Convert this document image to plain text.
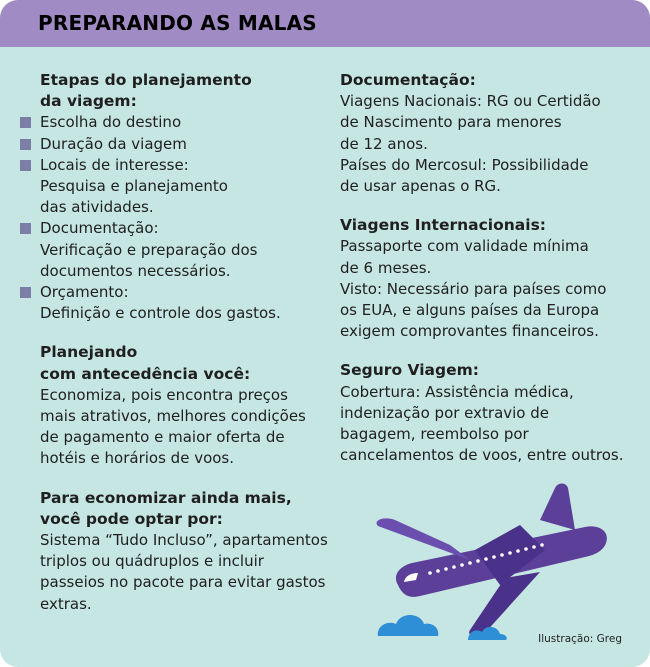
PREPARANDO AS MALAS
Etapas do planejamento
da viagem:
Escolha do destino
Duração da viagem
Locais de interesse:
Pesquisa e planejamento
das atividades.
Documentação:
Verificação e preparação dos
documentos necessários.
Orçamento:
Definição e controle dos gastos.
Planejando
com antecedência você:
Economiza, pois encontra preços
mais atrativos, melhores condições
de pagamento e maior oferta de
hotéis e horários de voos.
Para economizar ainda mais,
você pode optar por:
Sistema “Tudo Incluso”, apartamentos
triplos ou quádruplos e incluir
passeios no pacote para evitar gastos
extras.
Documentação:
Viagens Nacionais: RG ou Certidão
de Nascimento para menores
de 12 anos.
Países do Mercosul: Possibilidade
de usar apenas o RG.
Viagens Internacionais:
Passaporte com validade mínima
de 6 meses.
Visto: Necessário para países como
os EUA, e alguns países da Europa
exigem comprovantes financeiros.
Seguro Viagem:
Cobertura: Assistência médica,
indenização por extravio de
bagagem, reembolso por
cancelamentos de voos, entre outros.
Ilustração: Greg
